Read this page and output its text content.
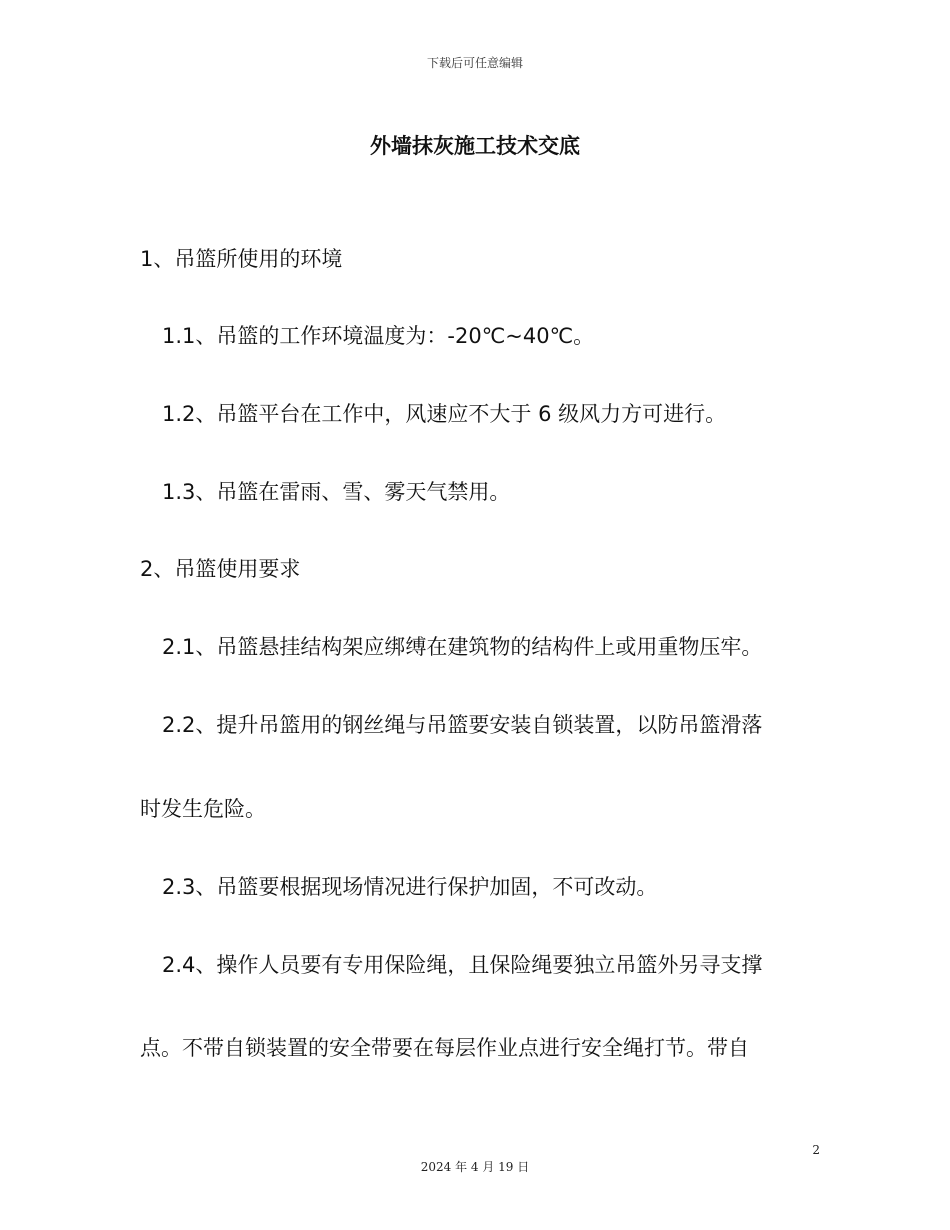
下载后可任意编辑
外墙抹灰施工技术交底
1、吊篮所使用的环境
1.1、吊篮的工作环境温度为：-20℃~40℃。
1.2、吊篮平台在工作中，风速应不大于 6 级风力方可进行。
1.3、吊篮在雷雨、雪、雾天气禁用。
2、吊篮使用要求
2.1、吊篮悬挂结构架应绑缚在建筑物的结构件上或用重物压牢。
2.2、提升吊篮用的钢丝绳与吊篮要安装自锁装置，以防吊篮滑落
时发生危险。
2.3、吊篮要根据现场情况进行保护加固，不可改动。
2.4、操作人员要有专用保险绳，且保险绳要独立吊篮外另寻支撑
点。不带自锁装置的安全带要在每层作业点进行安全绳打节。带自
2
2024 年 4 月 19 日
